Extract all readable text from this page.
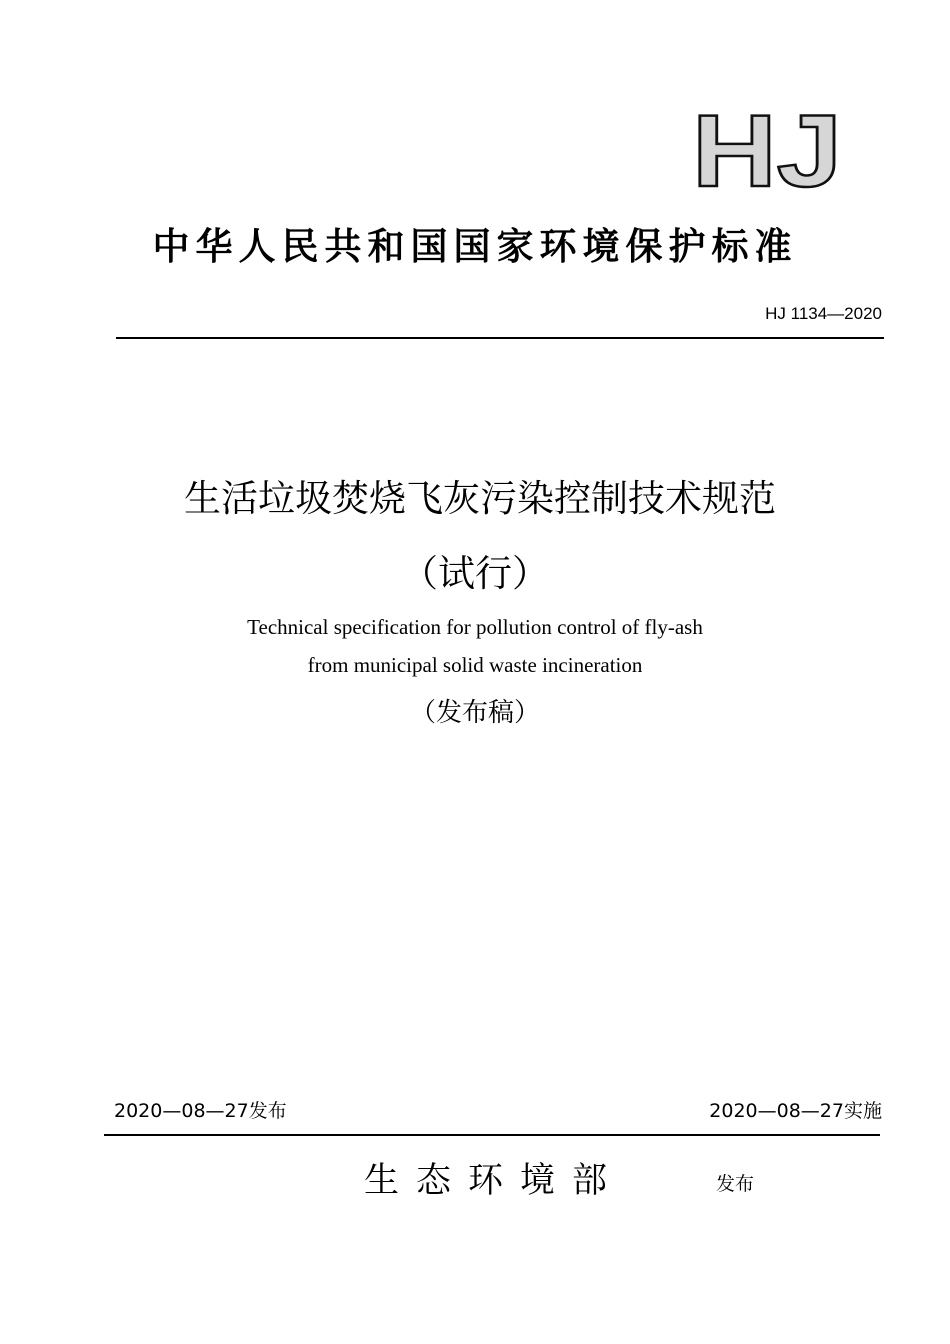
HJ
中华人民共和国国家环境保护标准
HJ 1134—2020
生活垃圾焚烧飞灰污染控制技术规范
（试行）
Technical specification for pollution control of fly-ash
from municipal solid waste incineration
（发布稿）
2020—08—27发布	2020—08—27实施
生态环境部	发布
